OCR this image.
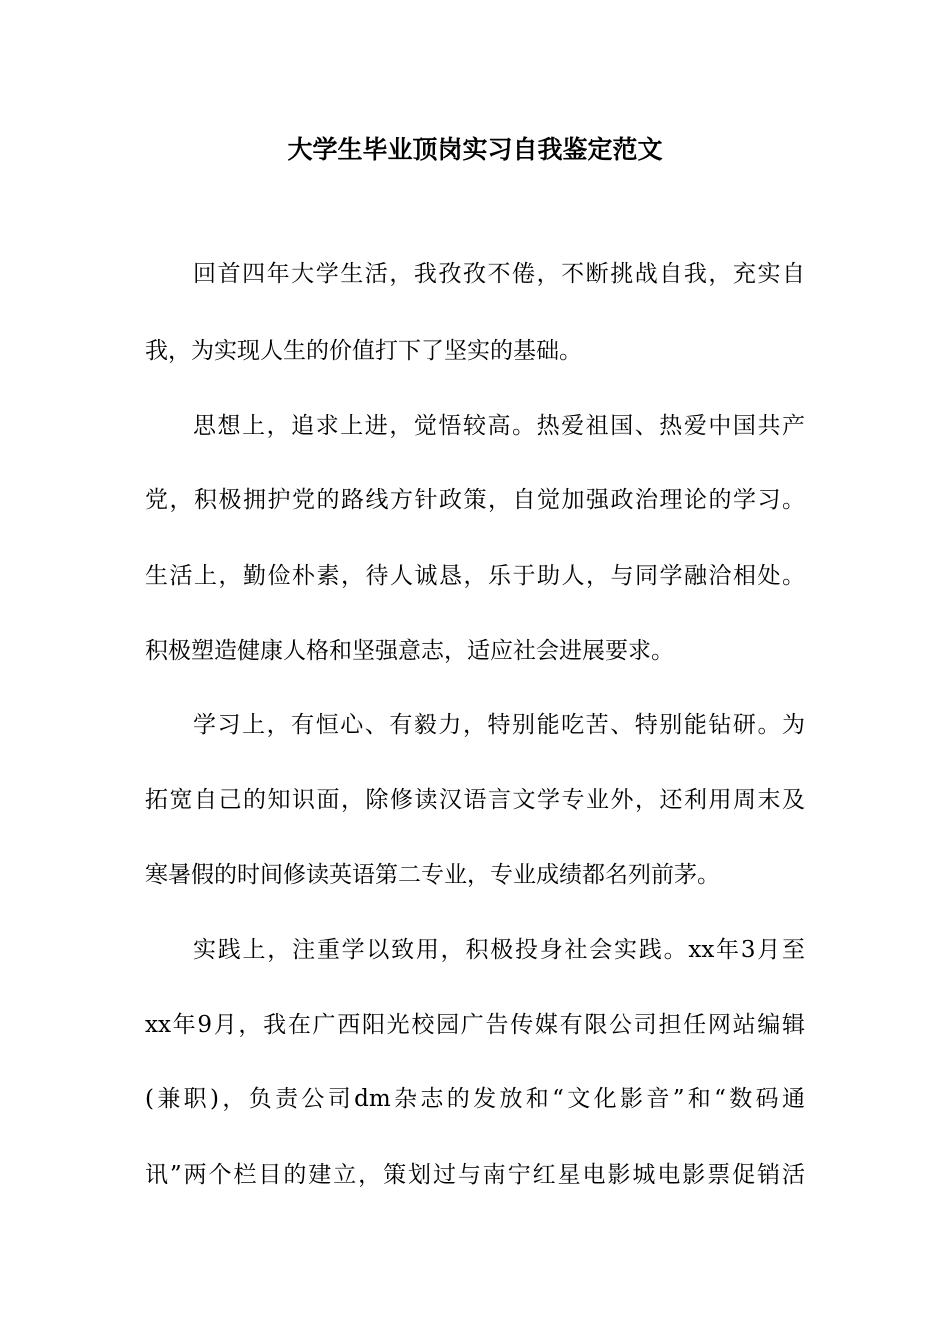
大学生毕业顶岗实习自我鉴定范文
回首四年大学生活，我孜孜不倦，不断挑战自我，充实自
我，为实现人生的价值打下了坚实的基础。
思想上，追求上进，觉悟较高。热爱祖国、热爱中国共产
党，积极拥护党的路线方针政策，自觉加强政治理论的学习。
生活上，勤俭朴素，待人诚恳，乐于助人，与同学融洽相处。
积极塑造健康人格和坚强意志，适应社会进展要求。
学习上，有恒心、有毅力，特别能吃苦、特别能钻研。为
拓宽自己的知识面，除修读汉语言文学专业外，还利用周末及
寒暑假的时间修读英语第二专业，专业成绩都名列前茅。
实践上，注重学以致用，积极投身社会实践。xx年3月至
xx年9月，我在广西阳光校园广告传媒有限公司担任网站编辑
(兼职)，负责公司dm杂志的发放和“文化影音”和“数码通
讯”两个栏目的建立，策划过与南宁红星电影城电影票促销活
